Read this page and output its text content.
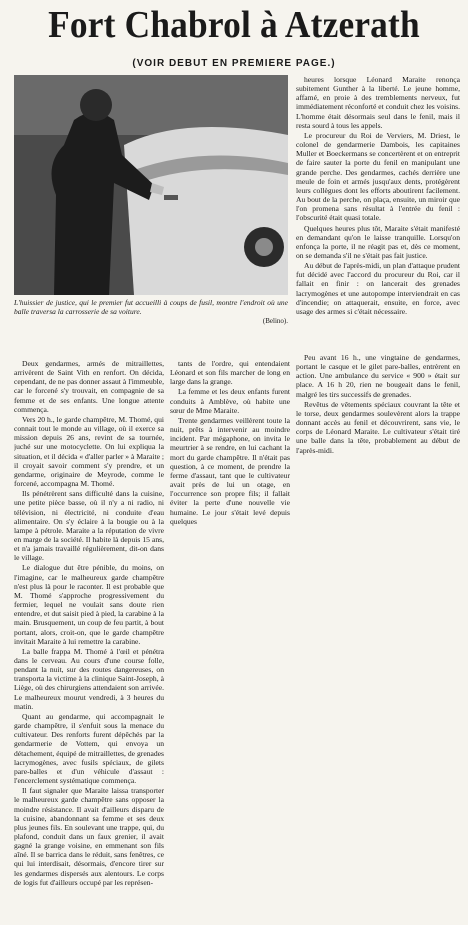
Fort Chabrol à Atzerath
(VOIR DEBUT EN PREMIERE PAGE.)
L'huissier de justice, qui le premier fut accueilli à coups de fusil, montre l'endroit où une balle traversa la carrosserie de sa voiture.
(Belino).

heures lorsque Léonard Maraite renonça subitement Gunther à la liberté. Le jeune homme, affamé, en proie à des tremblements nerveux, fut immédiatement réconforté et conduit chez les voisins. L'homme était désormais seul dans le fenil, mais il resta sourd à tous les appels.

Le procureur du Roi de Verviers, M. Driest, le colonel de gendarmerie Dambois, les capitaines Muller et Boeckermans se concertèrent et on entreprit de faire sauter la porte du fenil en manipulant une grande perche. Des gendarmes, cachés derrière une meule de foin et armés jusqu'aux dents, protégèrent leurs collègues dont les efforts aboutirent facilement. Au bout de la perche, on plaça, ensuite, un miroir que l'on promena sans résultat à l'entrée du fenil : l'obscurité était quasi totale.

Quelques heures plus tôt, Maraite s'était manifesté en demandant qu'on le laisse tranquille. Lorsqu'on enfonça la porte, il ne réagit pas et, dès ce moment, on se demanda s'il ne s'était pas fait justice.

Au début de l'après-midi, un plan d'attaque prudent fut décidé avec l'accord du procureur du Roi, car il fallait en finir : on lancerait des grenades lacrymogènes et une autopompe interviendrait en cas d'incendie; on attaquerait, ensuite, en force, avec usage des armes si c'était nécessaire.

Deux gendarmes, armés de mitraillettes, arrivèrent de Saint Vith en renfort. On décida, cependant, de ne pas donner assaut à l'immeuble, car le forcené s'y trouvait, en compagnie de sa femme et de ses enfants. Une longue attente commença.

Vers 20 h., le garde champêtre, M. Thomé, qui connait tout le monde au village, où il exerce sa mission depuis 26 ans, revint de sa tournée, juché sur une motocyclette. On lui expliqua la situation, et il décida « d'aller parler » à Maraite ; il croyait savoir comment s'y prendre, et un gendarme, originaire de Meyrode, comme le forcené, accompagna M. Thomé.

Ils pénétrèrent sans difficulté dans la cuisine, une petite pièce basse, où il n'y a ni radio, ni télévision, ni électricité, ni conduite d'eau alimentaire. On s'y éclaire à la bougie ou à la lampe à pétrole. Maraite a la réputation de vivre en marge de la société. Il habite là depuis 15 ans, et n'a jamais travaillé régulièrement, dit-on dans le village.

Le dialogue dut être pénible, du moins, on l'imagine, car le malheureux garde champêtre n'est plus là pour le raconter. Il est probable que M. Thomé s'approche progressivement du fermier, lequel ne voulait sans doute rien entendre, et dut saisit pied à pied, la carabine à la main. Brusquement, un coup de feu partit, à bout portant, alors, croit-on, que le garde champêtre invitait Maraite à lui remettre la carabine.

La balle frappa M. Thomé à l'œil et pénétra dans le cerveau. Au cours d'une course folle, pendant la nuit, sur des routes dangereuses, on transporta la victime à la clinique Saint-Joseph, à Liège, où des chirurgiens attendaient son arrivée. Le malheureux mourut vendredi, à 3 heures du matin.

Quant au gendarme, qui accompagnait le garde champêtre, il s'enfuit sous la menace du cultivateur. Des renforts furent dépêchés par la gendarmerie de Vottem, qui envoya un détachement, équipé de mitraillettes, de grenades lacrymogènes, avec fusils spéciaux, de gilets pare-balles et d'un véhicule d'assaut : l'encerclement systématique commença.

Il faut signaler que Maraite laissa transporter le malheureux garde champêtre sans opposer la moindre résistance. Il avait d'ailleurs disparu de la cuisine, abandonnant sa femme et ses deux plus jeunes fils. En soulevant une trappe, qui, du plafond, conduit dans un faux grenier, il avait gagné la grange voisine, en emmenant son fils aîné. Il se barrica dans le réduit, sans fenêtres, ce qui lui interdisait, désormais, d'encore tirer sur les gendarmes dispersés aux alentours. Le corps de logis fut d'ailleurs occupé par les représen-

tants de l'ordre, qui entendaient Léonard et son fils marcher de long en large dans la grange.

La femme et les deux enfants furent conduits à Amblève, où habite une sœur de Mme Maraite.

Trente gendarmes veillèrent toute la nuit, prêts à intervenir au moindre incident. Par mégaphone, on invita le meurtrier à se rendre, en lui cachant la mort du garde champêtre. Il n'était pas question, à ce moment, de prendre la ferme d'assaut, tant que le cultivateur avait près de lui un otage, en l'occurrence son propre fils; il fallait éviter la perte d'une nouvelle vie humaine. Le jour s'était levé depuis quelques

Peu avant 16 h., une vingtaine de gendarmes, portant le casque et le gilet pare-balles, entrèrent en action. Une ambulance du service « 900 » était sur place. A 16 h 20, rien ne bougeait dans le fenil, malgré les tirs successifs de grenades.

Revêtus de vêtements spéciaux couvrant la tête et le torse, deux gendarmes soulevèrent alors la trappe donnant accès au fenil et découvrirent, sans vie, le corps de Léonard Maraite. Le cultivateur s'était tiré une balle dans la tête, probablement au début de l'après-midi.
